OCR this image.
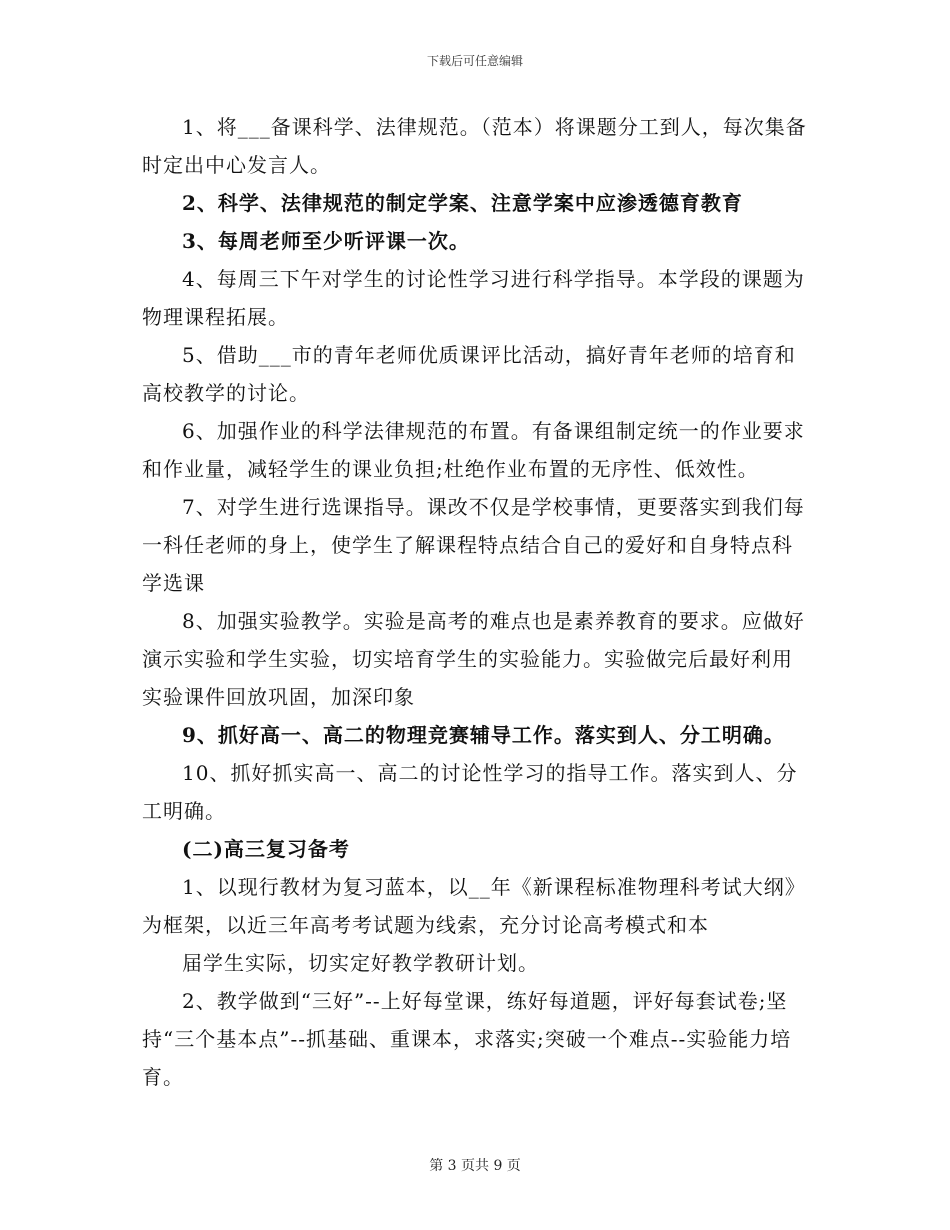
下载后可任意编辑

1、将___备课科学、法律规范。（范本）将课题分工到人，每次集备时定出中心发言人。

2、科学、法律规范的制定学案、注意学案中应渗透德育教育

3、每周老师至少听评课一次。

4、每周三下午对学生的讨论性学习进行科学指导。本学段的课题为物理课程拓展。

5、借助___市的青年老师优质课评比活动，搞好青年老师的培育和高校教学的讨论。

6、加强作业的科学法律规范的布置。有备课组制定统一的作业要求和作业量，减轻学生的课业负担;杜绝作业布置的无序性、低效性。

7、对学生进行选课指导。课改不仅是学校事情，更要落实到我们每一科任老师的身上，使学生了解课程特点结合自己的爱好和自身特点科学选课

8、加强实验教学。实验是高考的难点也是素养教育的要求。应做好演示实验和学生实验，切实培育学生的实验能力。实验做完后最好利用实验课件回放巩固，加深印象

9、抓好高一、高二的物理竞赛辅导工作。落实到人、分工明确。

10、抓好抓实高一、高二的讨论性学习的指导工作。落实到人、分工明确。

(二)高三复习备考

1、以现行教材为复习蓝本，以__年《新课程标准物理科考试大纲》为框架，以近三年高考考试题为线索，充分讨论高考模式和本

届学生实际，切实定好教学教研计划。

2、教学做到“三好”--上好每堂课，练好每道题，评好每套试卷;坚持“三个基本点”--抓基础、重课本，求落实;突破一个难点--实验能力培育。

第 3 页共 9 页
